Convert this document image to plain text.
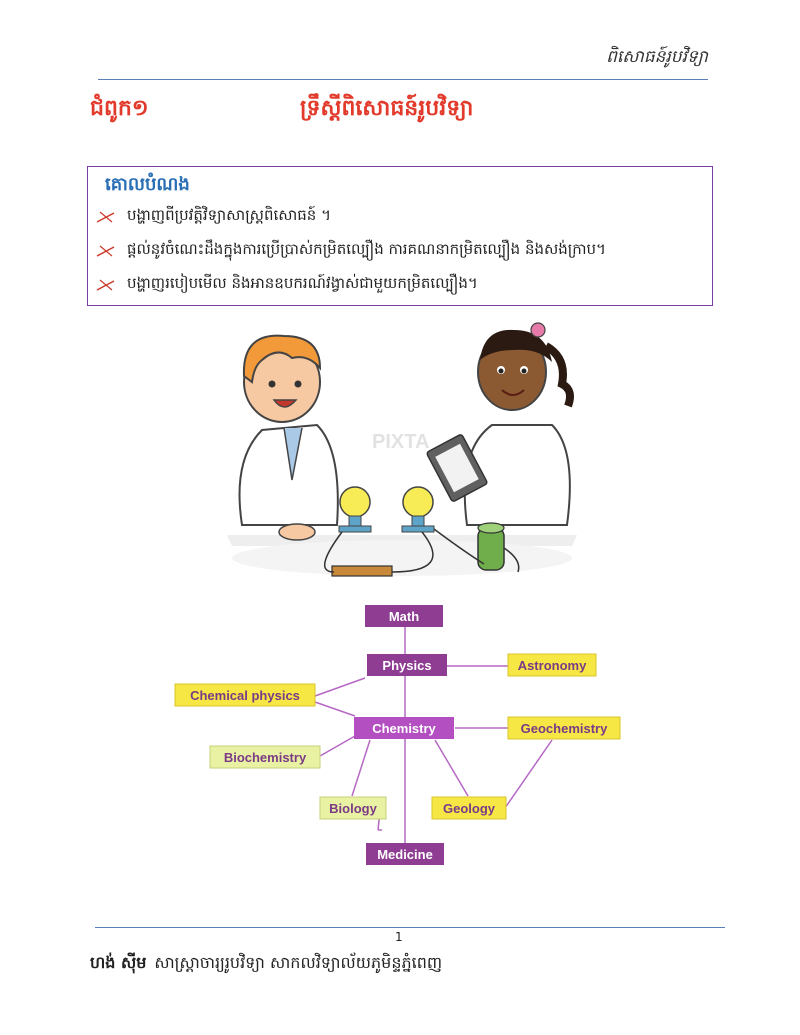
ពិសោធន៍រូបវិទ្យា
ជំពូក១	ទ្រឹស្តីពិសោធន៍រូបវិទ្យា
គោលបំណង
បង្ហាញពីប្រវត្តិវិទ្យាសាស្ត្រពិសោធន៍ ។
ផ្តល់នូវចំណេះដឹងក្នុងការប្រើប្រាស់កម្រិតល្បឿង ការគណនាកម្រិតល្បឿង និងសង់ក្រាប។
បង្ហាញរបៀបមើល និងអានឧបករណ៍វង្វាស់ជាមួយកម្រិតល្បឿង។
PIXTA
Math
Physics	Astronomy
Chemical physics
Chemistry	Geochemistry
Biochemistry
Biology	Geology
Medicine
1
ហង់ ស៊ីម សាស្ត្រាចារ្យរូបវិទ្យា សាកលវិទ្យាល័យភូមិន្ទភ្នំពេញ
